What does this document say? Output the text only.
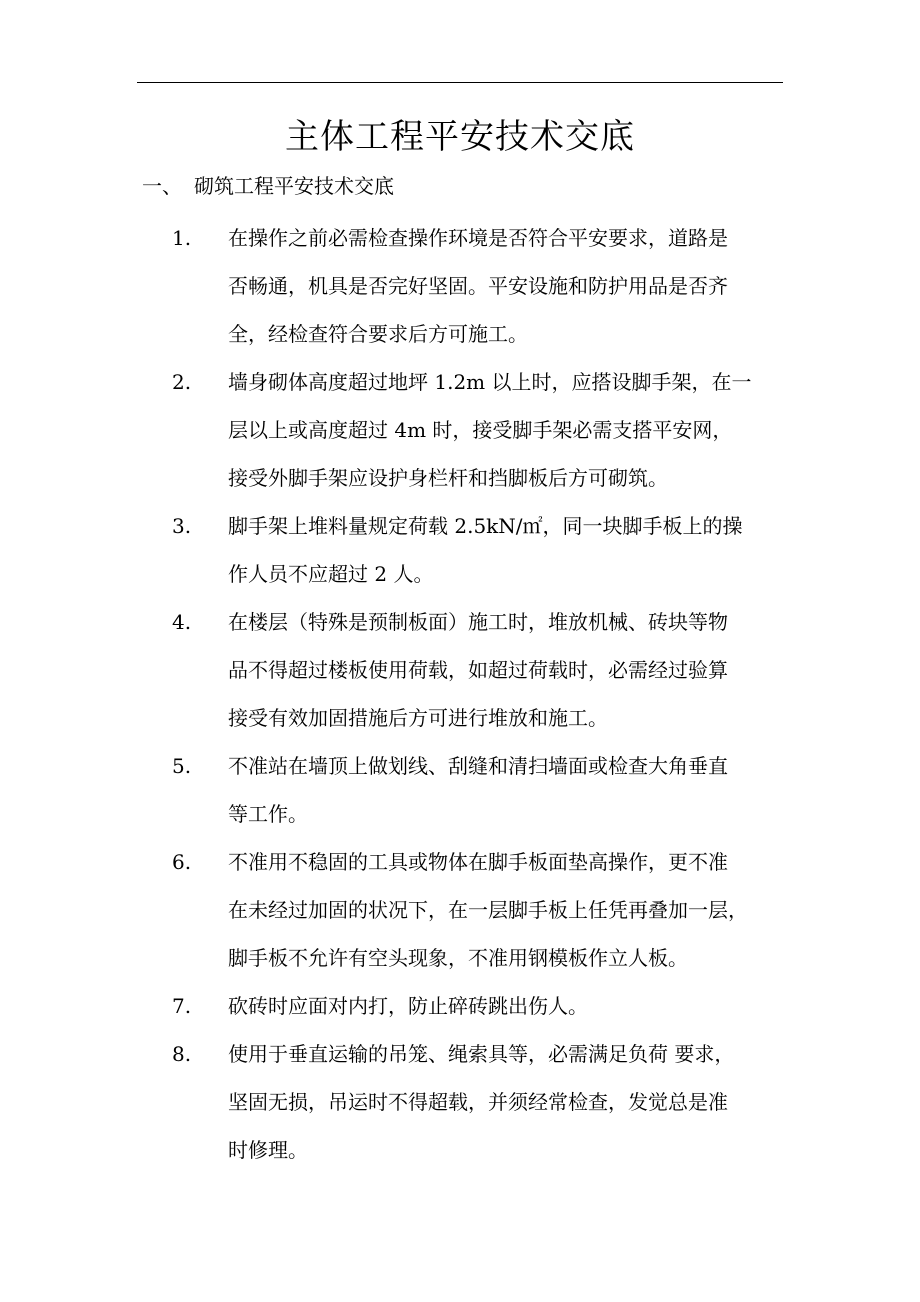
主体工程平安技术交底
一、 砌筑工程平安技术交底
1. 在操作之前必需检查操作环境是否符合平安要求，道路是
否畅通，机具是否完好坚固。平安设施和防护用品是否齐
全，经检查符合要求后方可施工。
2. 墙身砌体高度超过地坪 1.2m 以上时，应搭设脚手架，在一
层以上或高度超过 4m 时，接受脚手架必需支搭平安网，
接受外脚手架应设护身栏杆和挡脚板后方可砌筑。
3. 脚手架上堆料量规定荷载 2.5kN/㎡，同一块脚手板上的操
作人员不应超过 2 人。
4. 在楼层（特殊是预制板面）施工时，堆放机械、砖块等物
品不得超过楼板使用荷载，如超过荷载时，必需经过验算
接受有效加固措施后方可进行堆放和施工。
5. 不准站在墙顶上做划线、刮缝和清扫墙面或检查大角垂直
等工作。
6. 不准用不稳固的工具或物体在脚手板面垫高操作，更不准
在未经过加固的状况下，在一层脚手板上任凭再叠加一层，
脚手板不允许有空头现象，不准用钢模板作立人板。
7. 砍砖时应面对内打，防止碎砖跳出伤人。
8. 使用于垂直运输的吊笼、绳索具等，必需满足负荷 要求，
坚固无损，吊运时不得超载，并须经常检查，发觉总是准
时修理。
